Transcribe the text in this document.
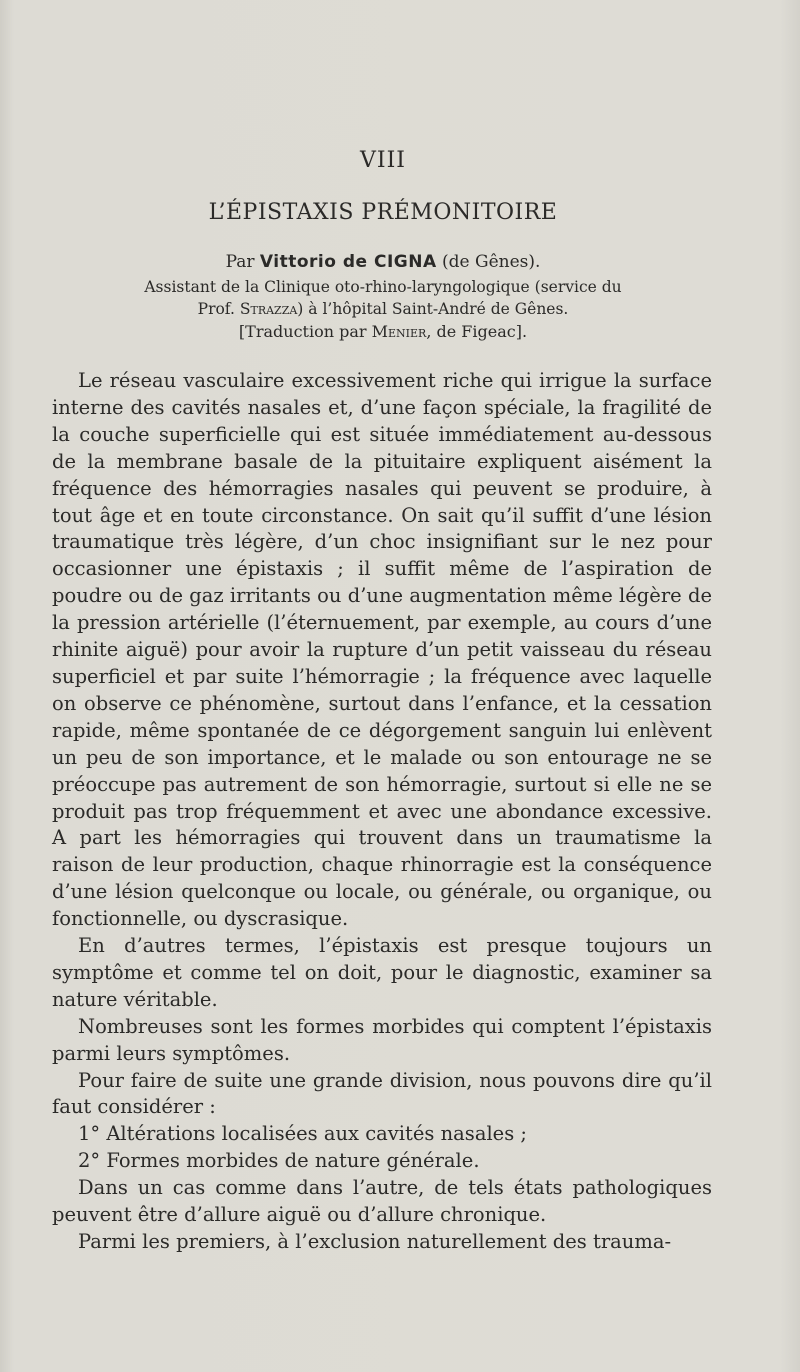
VIII
L’ÉPISTAXIS PRÉMONITOIRE
Par Vittorio de CIGNA (de Gênes).
Assistant de la Clinique oto-rhino-laryngologique (service du
Prof. Strazza) à l’hôpital Saint-André de Gênes.
[Traduction par Menier, de Figeac].

Le réseau vasculaire excessivement riche qui irrigue la surface interne des cavités nasales et, d’une façon spéciale, la fragilité de la couche superficielle qui est située immédiatement au-dessous de la membrane basale de la pituitaire expliquent aisément la fréquence des hémorragies nasales qui peuvent se produire, à tout âge et en toute circonstance. On sait qu’il suffit d’une lésion traumatique très légère, d’un choc insignifiant sur le nez pour occasionner une épistaxis ; il suffit même de l’aspiration de poudre ou de gaz irritants ou d’une augmentation même légère de la pression artérielle (l’éternuement, par exemple, au cours d’une rhinite aiguë) pour avoir la rupture d’un petit vaisseau du réseau superficiel et par suite l’hémorragie ; la fréquence avec laquelle on observe ce phénomène, surtout dans l’enfance, et la cessation rapide, même spontanée de ce dégorgement sanguin lui enlèvent un peu de son importance, et le malade ou son entourage ne se préoccupe pas autrement de son hémorragie, surtout si elle ne se produit pas trop fréquemment et avec une abondance excessive. A part les hémorragies qui trouvent dans un traumatisme la raison de leur production, chaque rhinorragie est la conséquence d’une lésion quelconque ou locale, ou générale, ou organique, ou fonctionnelle, ou dyscrasique.

En d’autres termes, l’épistaxis est presque toujours un symptôme et comme tel on doit, pour le diagnostic, examiner sa nature véritable.

Nombreuses sont les formes morbides qui comptent l’épistaxis parmi leurs symptômes.

Pour faire de suite une grande division, nous pouvons dire qu’il faut considérer :

1° Altérations localisées aux cavités nasales ;

2° Formes morbides de nature générale.

Dans un cas comme dans l’autre, de tels états pathologiques peuvent être d’allure aiguë ou d’allure chronique.

Parmi les premiers, à l’exclusion naturellement des trauma-
